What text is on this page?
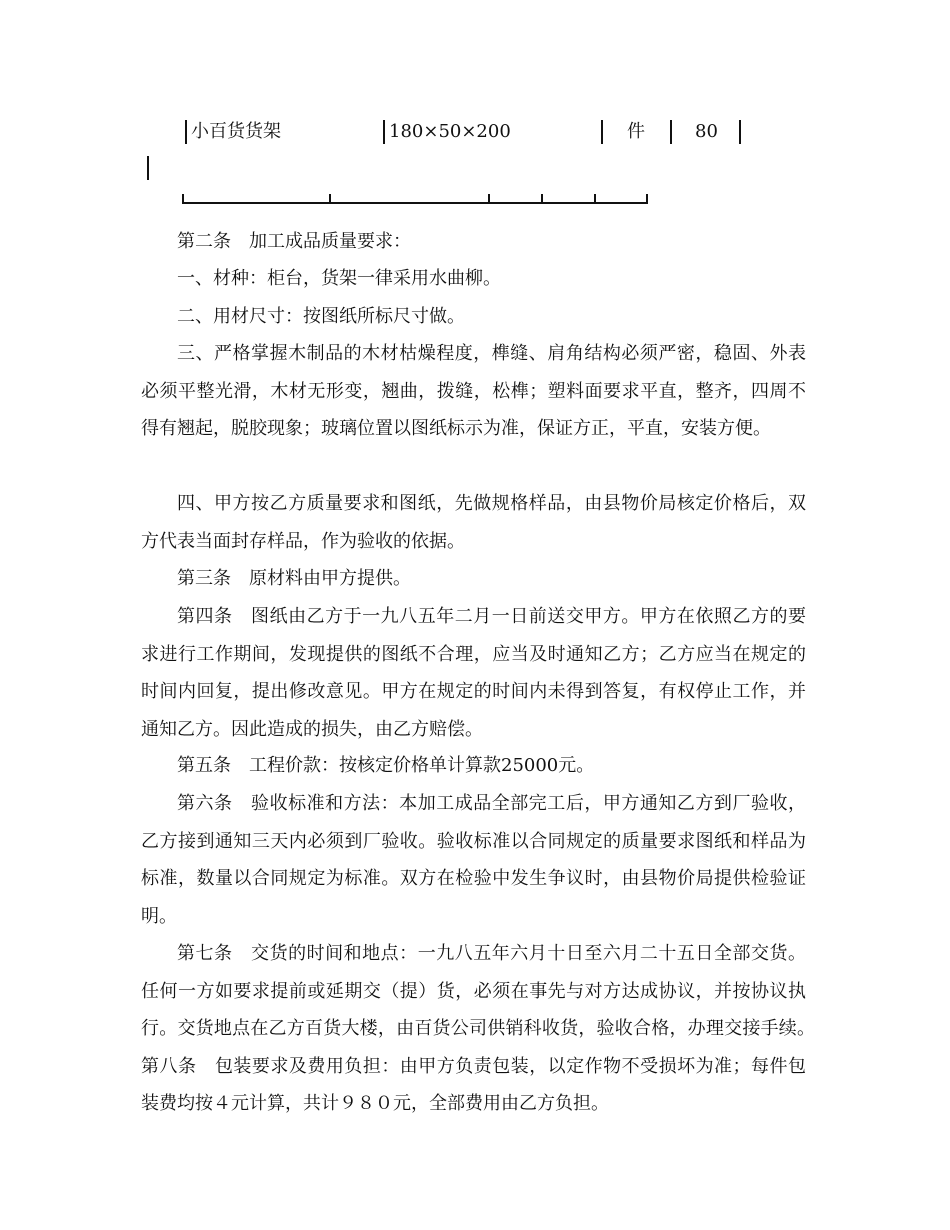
小百货货架	180×50×200	件	80

第二条　加工成品质量要求：

一、材种：柜台，货架一律采用水曲柳。

二、用材尺寸：按图纸所标尺寸做。

三、严格掌握木制品的木材枯燥程度，榫缝、肩角结构必须严密，稳固、外表必须平整光滑，木材无形变，翘曲，拨缝，松榫；塑料面要求平直，整齐，四周不得有翘起，脱胶现象；玻璃位置以图纸标示为准，保证方正，平直，安装方便。

四、甲方按乙方质量要求和图纸，先做规格样品，由县物价局核定价格后，双方代表当面封存样品，作为验收的依据。

第三条　原材料由甲方提供。

第四条　图纸由乙方于一九八五年二月一日前送交甲方。甲方在依照乙方的要求进行工作期间，发现提供的图纸不合理，应当及时通知乙方；乙方应当在规定的时间内回复，提出修改意见。甲方在规定的时间内未得到答复，有权停止工作，并通知乙方。因此造成的损失，由乙方赔偿。

第五条　工程价款：按核定价格单计算款25000元。

第六条　验收标准和方法：本加工成品全部完工后，甲方通知乙方到厂验收，乙方接到通知三天内必须到厂验收。验收标准以合同规定的质量要求图纸和样品为标准，数量以合同规定为标准。双方在检验中发生争议时，由县物价局提供检验证明。

第七条　交货的时间和地点：一九八五年六月十日至六月二十五日全部交货。任何一方如要求提前或延期交（提）货，必须在事先与对方达成协议，并按协议执行。交货地点在乙方百货大楼，由百货公司供销科收货，验收合格，办理交接手续。　第八条　包装要求及费用负担：由甲方负责包装，以定作物不受损坏为准；每件包装费均按４元计算，共计９８０元，全部费用由乙方负担。
